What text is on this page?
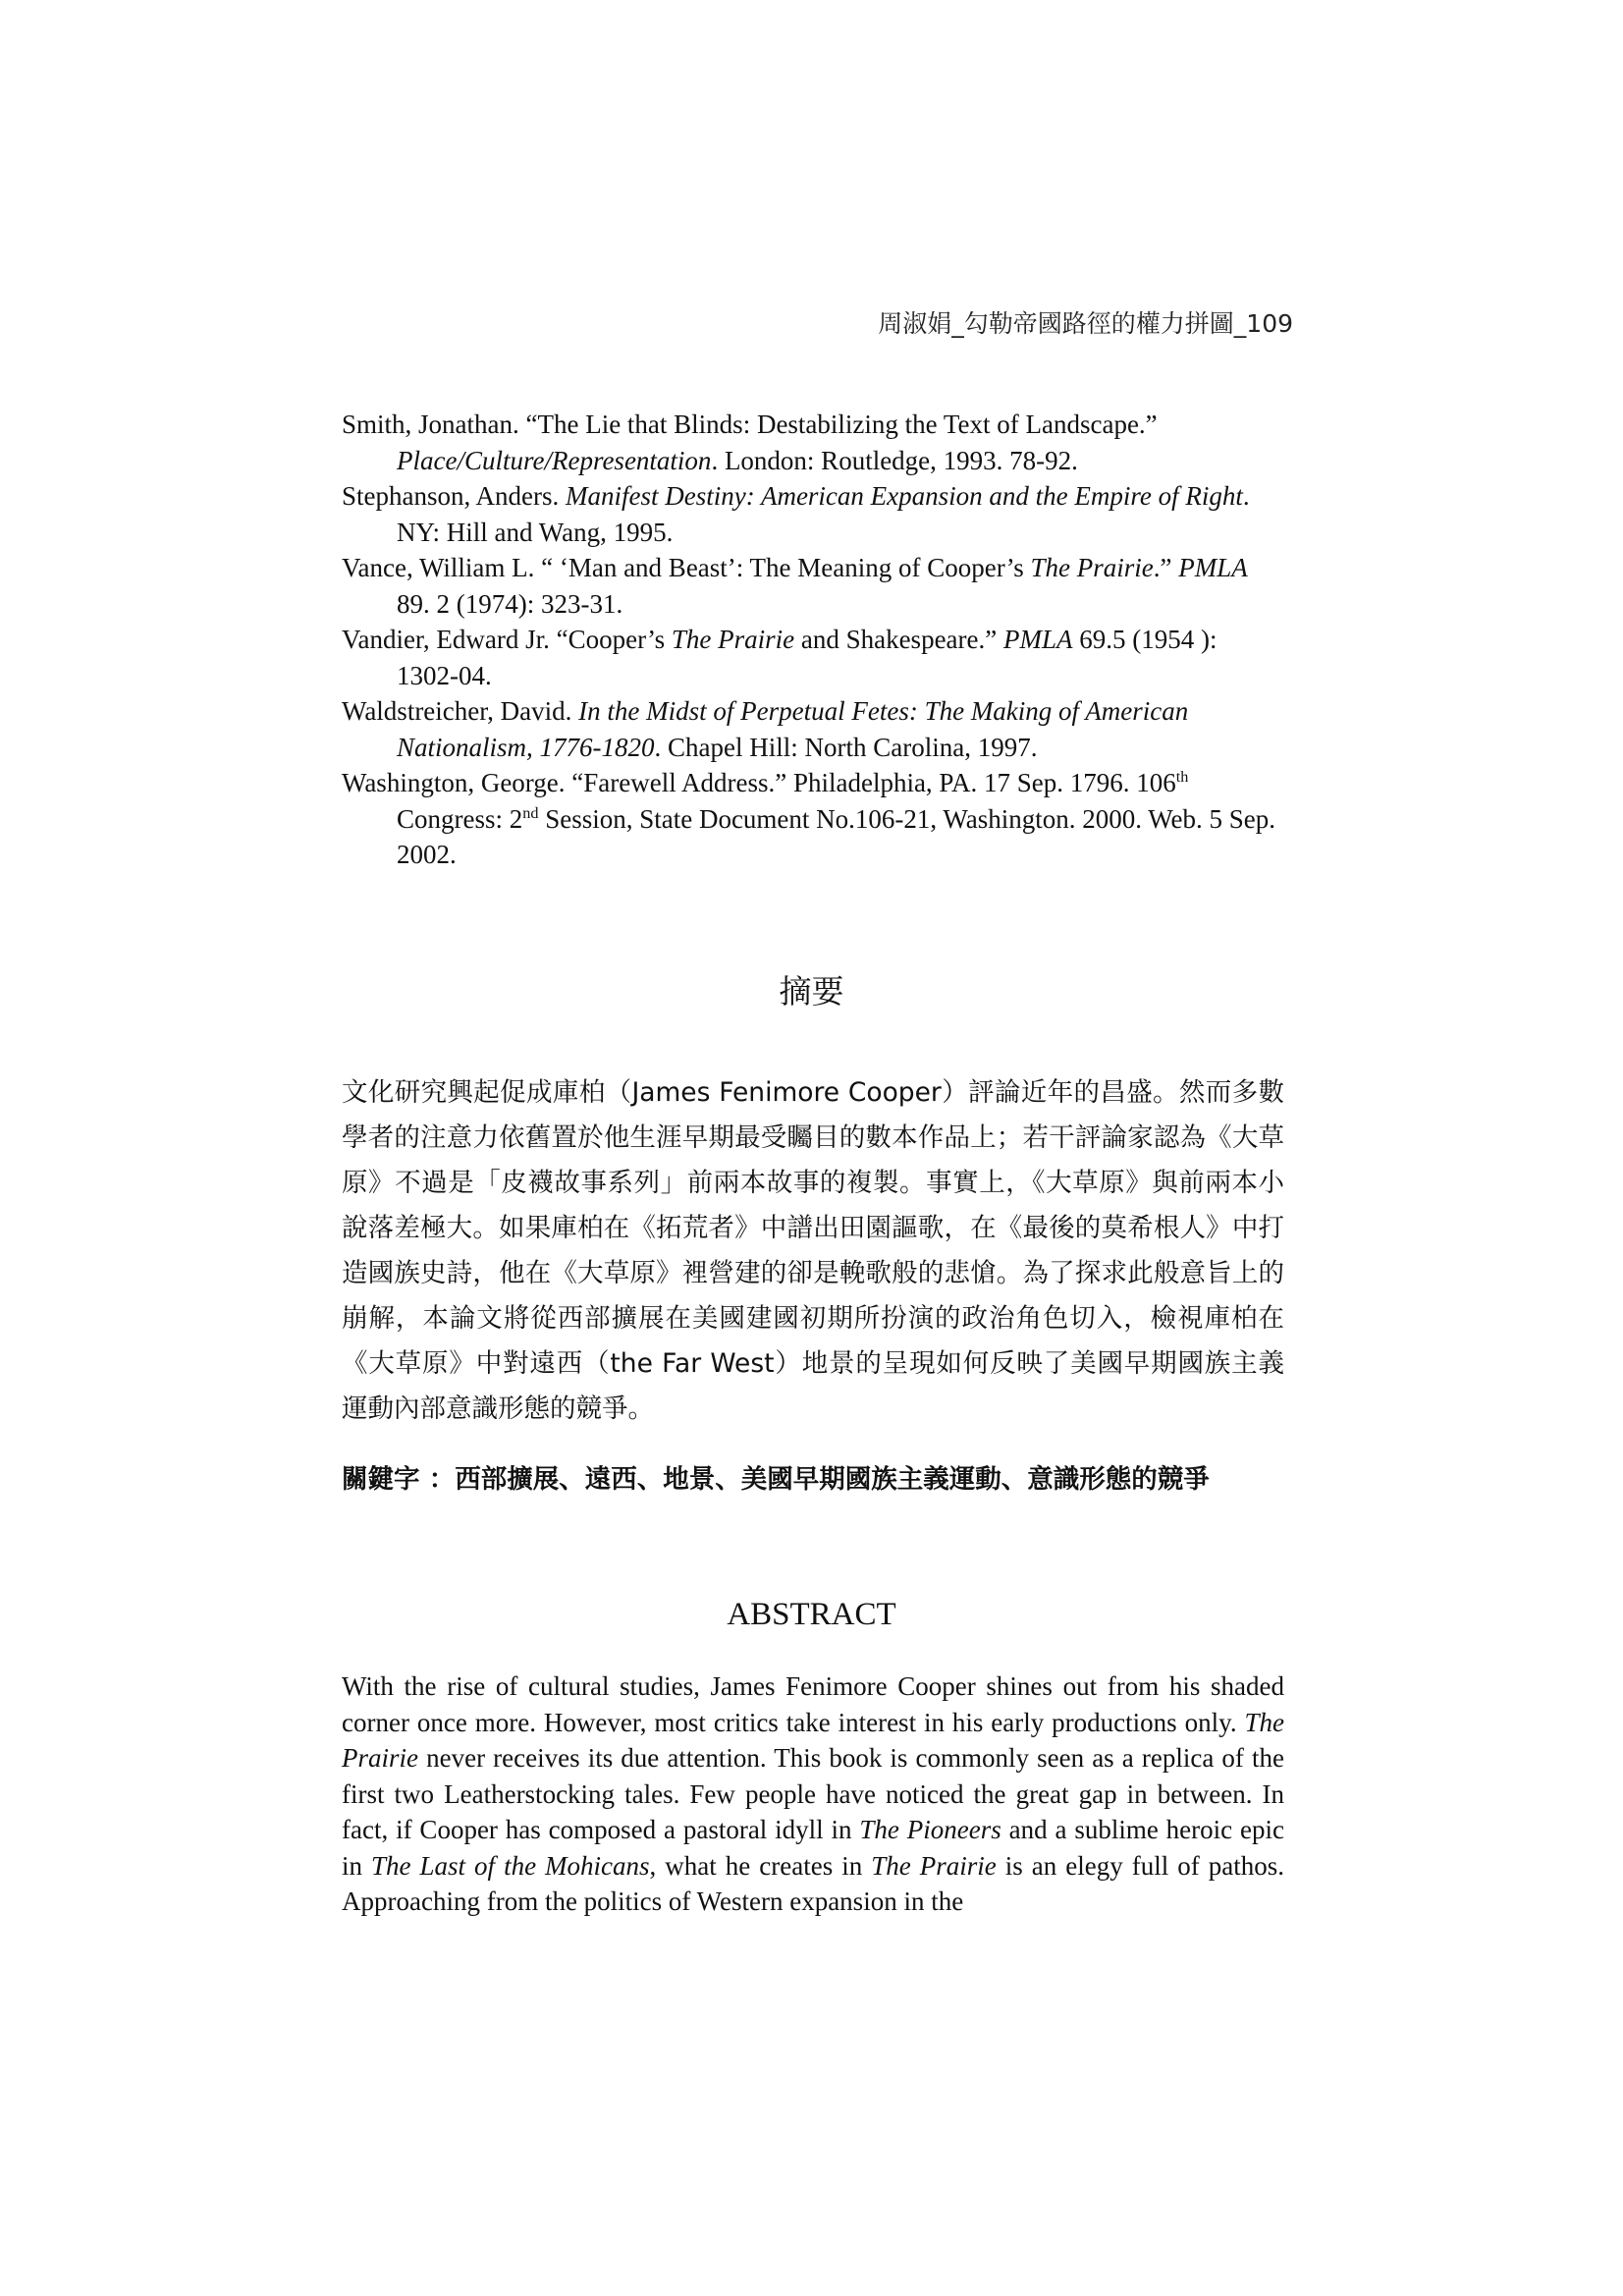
周淑娟_勾勒帝國路徑的權力拼圖_109

Smith, Jonathan. “The Lie that Blinds: Destabilizing the Text of Landscape.” Place/Culture/Representation. London: Routledge, 1993. 78-92.

Stephanson, Anders. Manifest Destiny: American Expansion and the Empire of Right. NY: Hill and Wang, 1995.

Vance, William L. “ ‘Man and Beast’: The Meaning of Cooper’s The Prairie.” PMLA 89. 2 (1974): 323-31.

Vandier, Edward Jr. “Cooper’s The Prairie and Shakespeare.” PMLA 69.5 (1954 ): 1302-04.

Waldstreicher, David. In the Midst of Perpetual Fetes: The Making of American Nationalism, 1776-1820. Chapel Hill: North Carolina, 1997.

Washington, George. “Farewell Address.” Philadelphia, PA. 17 Sep. 1796. 106th Congress: 2nd Session, State Document No.106-21, Washington. 2000. Web. 5 Sep. 2002.

摘要

文化研究興起促成庫柏（James Fenimore Cooper）評論近年的昌盛。然而多數學者的注意力依舊置於他生涯早期最受矚目的數本作品上；若干評論家認為《大草原》不過是「皮襪故事系列」前兩本故事的複製。事實上，《大草原》與前兩本小說落差極大。如果庫柏在《拓荒者》中譜出田園謳歌，在《最後的莫希根人》中打造國族史詩，他在《大草原》裡營建的卻是輓歌般的悲愴。為了探求此般意旨上的崩解，本論文將從西部擴展在美國建國初期所扮演的政治角色切入，檢視庫柏在《大草原》中對遠西（the Far West）地景的呈現如何反映了美國早期國族主義運動內部意識形態的競爭。

關鍵字 ：西部擴展、遠西、地景、美國早期國族主義運動、意識形態的競爭
ABSTRACT

With the rise of cultural studies, James Fenimore Cooper shines out from his shaded corner once more. However, most critics take interest in his early productions only. The Prairie never receives its due attention. This book is commonly seen as a replica of the first two Leatherstocking tales. Few people have noticed the great gap in between. In fact, if Cooper has composed a pastoral idyll in The Pioneers and a sublime heroic epic in The Last of the Mohicans, what he creates in The Prairie is an elegy full of pathos. Approaching from the politics of Western expansion in the
